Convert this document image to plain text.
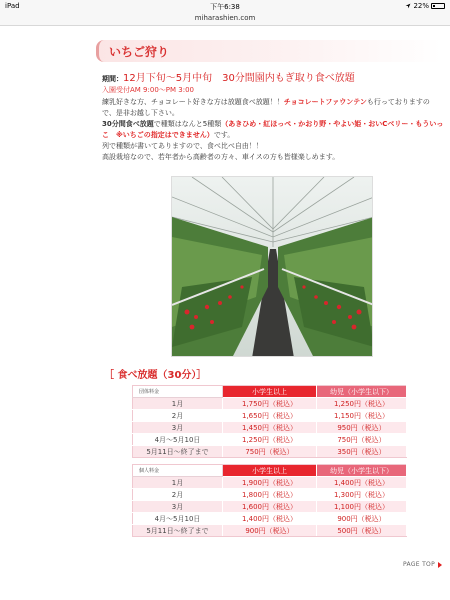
iPad	下午6:38	22%
miharashien.com
いちご狩り
期間：12月下旬〜5月中旬　30分間園内もぎ取り食べ放題
入園受付AM 9:00〜PM 3:00
練乳好きな方、チョコレート好きな方は放題食べ放題！！チョコレートファウンテンも行っておりますの
で、是非お越し下さい。
30分間食べ放題で種類はなんと5種類（あきひめ・紅ほっぺ・かおり野・やよい姫・おいCベリー・もういっ
こ　※いちごの指定はできません）です。
列で種類が書いてありますので、食べ比べ自由！！
高設栽培なので、若年者から高齢者の方々、車イスの方も皆様楽しめます。
［ 食べ放題（30分）］
団体料金	小学生以上	幼児（小学生以下）
1月	1,750円（税込）	1,250円（税込）
2月	1,650円（税込）	1,150円（税込）
3月	1,450円（税込）	950円（税込）
4月〜5月10日	1,250円（税込）	750円（税込）
5月11日〜終了まで	750円（税込）	350円（税込）
個人料金	小学生以上	幼児（小学生以下）
1月	1,900円（税込）	1,400円（税込）
2月	1,800円（税込）	1,300円（税込）
3月	1,600円（税込）	1,100円（税込）
4月〜5月10日	1,400円（税込）	900円（税込）
5月11日〜終了まで	900円（税込）	500円（税込）
PAGE TOP
